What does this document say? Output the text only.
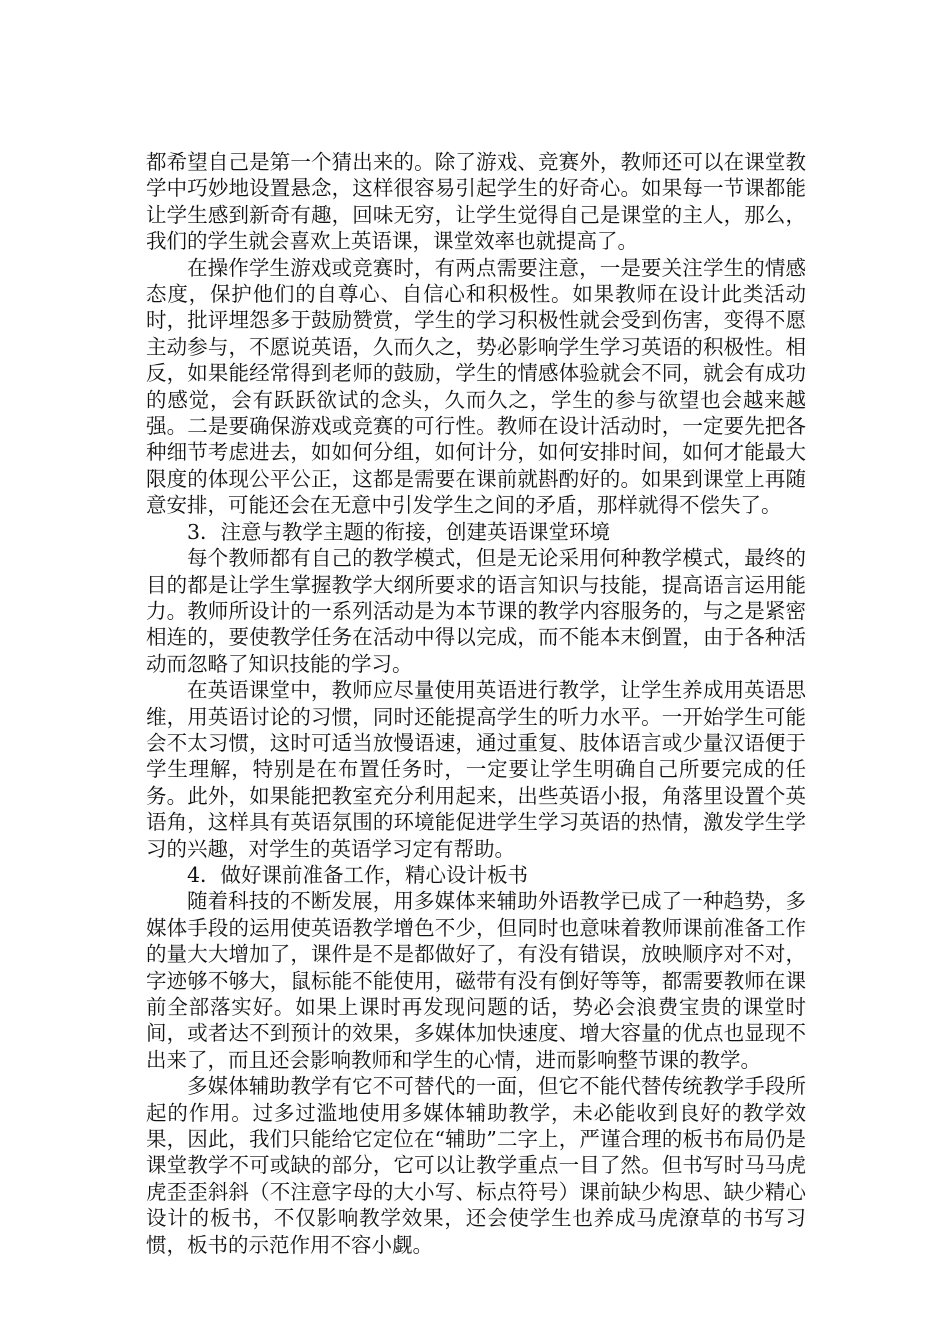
都希望自己是第一个猜出来的。除了游戏、竞赛外，教师还可以在课堂教学中巧妙地设置悬念，这样很容易引起学生的好奇心。如果每一节课都能让学生感到新奇有趣，回味无穷，让学生觉得自己是课堂的主人，那么，我们的学生就会喜欢上英语课，课堂效率也就提高了。

在操作学生游戏或竞赛时，有两点需要注意，一是要关注学生的情感态度，保护他们的自尊心、自信心和积极性。如果教师在设计此类活动时，批评埋怨多于鼓励赞赏，学生的学习积极性就会受到伤害，变得不愿主动参与，不愿说英语，久而久之，势必影响学生学习英语的积极性。相反，如果能经常得到老师的鼓励，学生的情感体验就会不同，就会有成功的感觉，会有跃跃欲试的念头，久而久之，学生的参与欲望也会越来越强。二是要确保游戏或竞赛的可行性。教师在设计活动时，一定要先把各种细节考虑进去，如如何分组，如何计分，如何安排时间，如何才能最大限度的体现公平公正，这都是需要在课前就斟酌好的。如果到课堂上再随意安排，可能还会在无意中引发学生之间的矛盾，那样就得不偿失了。

3．注意与教学主题的衔接，创建英语课堂环境

每个教师都有自己的教学模式，但是无论采用何种教学模式，最终的目的都是让学生掌握教学大纲所要求的语言知识与技能，提高语言运用能力。教师所设计的一系列活动是为本节课的教学内容服务的，与之是紧密相连的，要使教学任务在活动中得以完成，而不能本末倒置，由于各种活动而忽略了知识技能的学习。

在英语课堂中，教师应尽量使用英语进行教学，让学生养成用英语思维，用英语讨论的习惯，同时还能提高学生的听力水平。一开始学生可能会不太习惯，这时可适当放慢语速，通过重复、肢体语言或少量汉语便于学生理解，特别是在布置任务时，一定要让学生明确自己所要完成的任务。此外，如果能把教室充分利用起来，出些英语小报，角落里设置个英语角，这样具有英语氛围的环境能促进学生学习英语的热情，激发学生学习的兴趣，对学生的英语学习定有帮助。

4．做好课前准备工作，精心设计板书

随着科技的不断发展，用多媒体来辅助外语教学已成了一种趋势，多媒体手段的运用使英语教学增色不少，但同时也意味着教师课前准备工作的量大大增加了，课件是不是都做好了，有没有错误，放映顺序对不对，字迹够不够大，鼠标能不能使用，磁带有没有倒好等等，都需要教师在课前全部落实好。如果上课时再发现问题的话，势必会浪费宝贵的课堂时间，或者达不到预计的效果，多媒体加快速度、增大容量的优点也显现不出来了，而且还会影响教师和学生的心情，进而影响整节课的教学。

多媒体辅助教学有它不可替代的一面，但它不能代替传统教学手段所起的作用。过多过滥地使用多媒体辅助教学，未必能收到良好的教学效果，因此，我们只能给它定位在“辅助”二字上，严谨合理的板书布局仍是课堂教学不可或缺的部分，它可以让教学重点一目了然。但书写时马马虎虎歪歪斜斜（不注意字母的大小写、标点符号）课前缺少构思、缺少精心设计的板书，不仅影响教学效果，还会使学生也养成马虎潦草的书写习惯，板书的示范作用不容小觑。
